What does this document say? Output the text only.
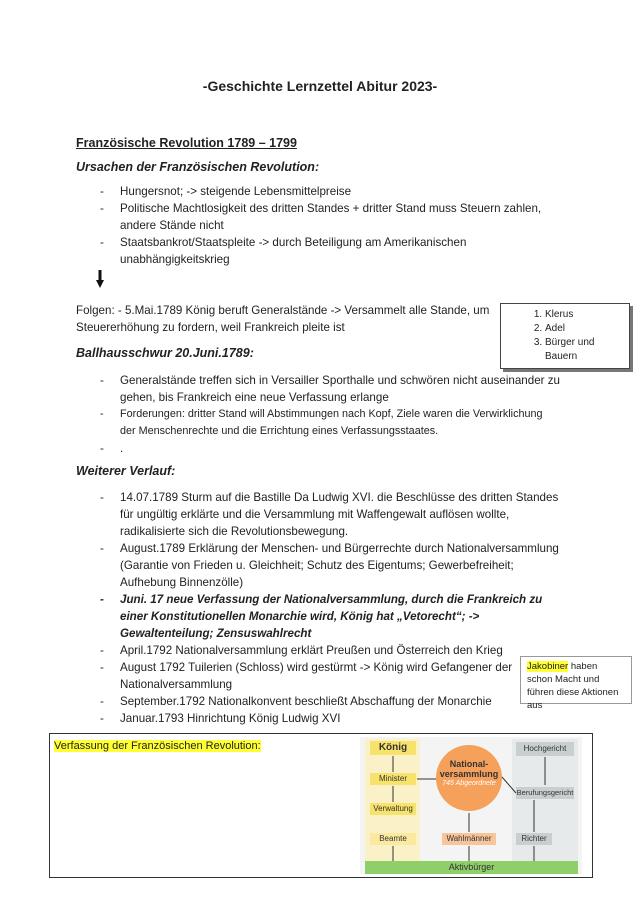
-Geschichte Lernzettel Abitur 2023-
Französische Revolution 1789 – 1799
Ursachen der Französischen Revolution:
- Hungersnot; -> steigende Lebensmittelpreise
- Politische Machtlosigkeit des dritten Standes + dritter Stand muss Steuern zahlen, andere Stände nicht
- Staatsbankrot/Staatspleite -> durch Beteiligung am Amerikanischen unabhängigkeitskrieg
Folgen: - 5.Mai.1789 König beruft Generalstände -> Versammelt alle Stande, um Steuererhöhung zu fordern, weil Frankreich pleite ist
1. Klerus
2. Adel
3. Bürger und Bauern
Ballhausschwur 20.Juni.1789:
- Generalstände treffen sich in Versailler Sporthalle und schwören nicht auseinander zu gehen, bis Frankreich eine neue Verfassung erlange
- Forderungen: dritter Stand will Abstimmungen nach Kopf, Ziele waren die Verwirklichung der Menschenrechte und die Errichtung eines Verfassungsstaates.
- .
Weiterer Verlauf:
- 14.07.1789 Sturm auf die Bastille Da Ludwig XVI. die Beschlüsse des dritten Standes für ungültig erklärte und die Versammlung mit Waffengewalt auflösen wollte, radikalisierte sich die Revolutionsbewegung.
- August.1789 Erklärung der Menschen- und Bürgerrechte durch Nationalversammlung (Garantie von Frieden u. Gleichheit; Schutz des Eigentums; Gewerbefreiheit; Aufhebung Binnenzölle)
- Juni. 17 neue Verfassung der Nationalversammlung, durch die Frankreich zu einer Konstitutionellen Monarchie wird, König hat „Vetorecht“; -> Gewaltenteilung; Zensuswahlrecht
- April.1792 Nationalversammlung erklärt Preußen und Österreich den Krieg
- August 1792 Tuilerien (Schloss) wird gestürmt -> König wird Gefangener der Nationalversammlung
- September.1792 Nationalkonvent beschließt Abschaffung der Monarchie
- Januar.1793 Hinrichtung König Ludwig XVI
Jakobiner haben schon Macht und führen diese Aktionen aus
Verfassung der Französischen Revolution:	König
Minister
Verwaltung
Beamte
National-versammlung
745 Abgeordnete
Wahlmänner
Hochgericht
Berufungsgericht
Richter
Aktivbürger
